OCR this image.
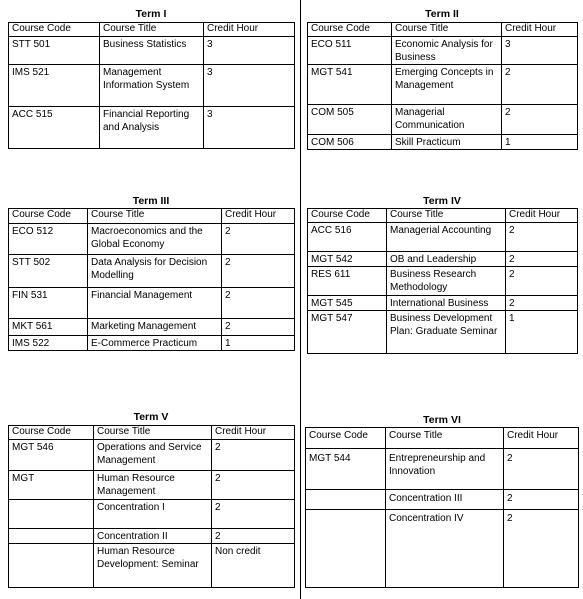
Term I
Course Code	Course Title	Credit Hour
STT 501	Business Statistics	3
IMS 521	Management Information System	3
ACC 515	Financial Reporting and Analysis	3
Term II
Course Code	Course Title	Credit Hour
ECO 511	Economic Analysis for Business	3
MGT 541	Emerging Concepts in Management	2
COM 505	Managerial Communication	2
COM 506	Skill Practicum	1
Term III
Course Code	Course Title	Credit Hour
ECO 512	Macroeconomics and the Global Economy	2
STT 502	Data Analysis for Decision Modelling	2
FIN 531	Financial Management	2
MKT 561	Marketing Management	2
IMS 522	E-Commerce Practicum	1
Term IV
Course Code	Course Title	Credit Hour
ACC 516	Managerial Accounting	2
MGT 542	OB and Leadership	2
RES 611	Business Research Methodology	2
MGT 545	International Business	2
MGT 547	Business Development Plan: Graduate Seminar	1
Term V
Course Code	Course Title	Credit Hour
MGT 546	Operations and Service Management	2
MGT	Human Resource Management	2
	Concentration I	2
	Concentration II	2
	Human Resource Development: Seminar	Non credit
Term VI
Course Code	Course Title	Credit Hour
MGT 544	Entrepreneurship and Innovation	2
	Concentration III	2
	Concentration IV	2
